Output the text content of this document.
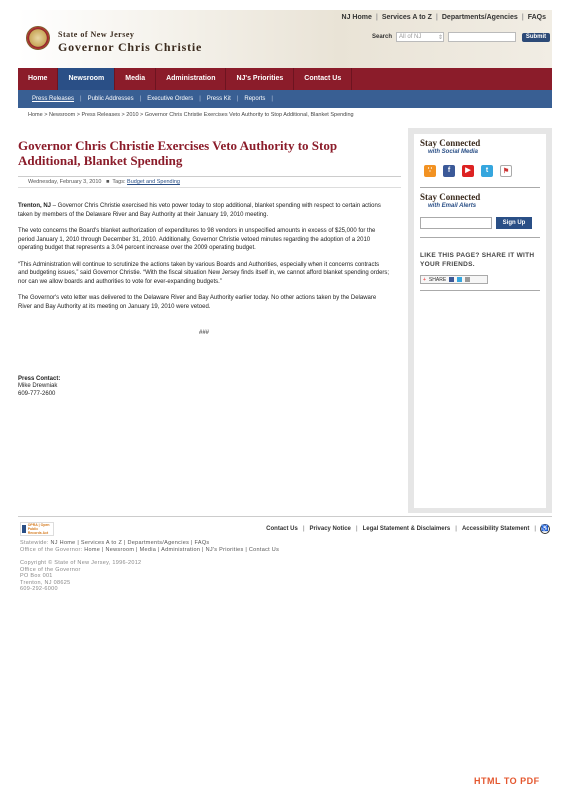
NJ Home | Services A to Z | Departments/Agencies | FAQs
State of New Jersey
Governor Chris Christie
Search All of NJ	⇕	Submit
Home	Newsroom	Media	Administration	NJ's Priorities	Contact Us
Press Releases	|	Public Addresses	|	Executive Orders	|	Press Kit	|	Reports	|
Home > Newsroom > Press Releases > 2010 > Governor Chris Christie Exercises Veto Authority to Stop Additional, Blanket Spending
Governor Chris Christie Exercises Veto Authority to Stop Additional, Blanket Spending
Wednesday, February 3, 2010   ■  Tags: Budget and Spending

Trenton, NJ – Governor Chris Christie exercised his veto power today to stop additional, blanket spending with respect to certain actions taken by members of the Delaware River and Bay Authority at their January 19, 2010 meeting.

The veto concerns the Board's blanket authorization of expenditures to 98 vendors in unspecified amounts in excess of $25,000 for the period January 1, 2010 through December 31, 2010. Additionally, Governor Christie vetoed minutes regarding the adoption of a 2010 operating budget that represents a 3.04 percent increase over the 2009 operating budget.

“This Administration will continue to scrutinize the actions taken by various Boards and Authorities, especially when it concerns contracts and budgeting issues,” said Governor Christie. “With the fiscal situation New Jersey finds itself in, we cannot afford blanket spending orders; nor can we allow boards and authorities to vote for ever-expanding budgets.”

The Governor's veto letter was delivered to the Delaware River and Bay Authority earlier today. No other actions taken by the Delaware River and Bay Authority at its meeting on January 19, 2010 were vetoed.

###
Press Contact:
Mike Drewniak
609-777-2600
Stay Connected
with Social Media
∵	f	▶	t	⚑
Stay Connected
with Email Alerts
Sign Up
LIKE THIS PAGE? SHARE IT WITH YOUR FRIENDS.
+ SHARE
OPRA | Open Public Records Act
Contact Us | Privacy Notice | Legal Statement & Disclaimers | Accessibility Statement | ♿
Statewide: NJ Home | Services A to Z | Departments/Agencies | FAQs
Office of the Governor: Home | Newsroom | Media | Administration | NJ's Priorities | Contact Us
Copyright © State of New Jersey, 1996-2012
Office of the Governor
PO Box 001
Trenton, NJ 08625
609-292-6000
HTML TO PDF
